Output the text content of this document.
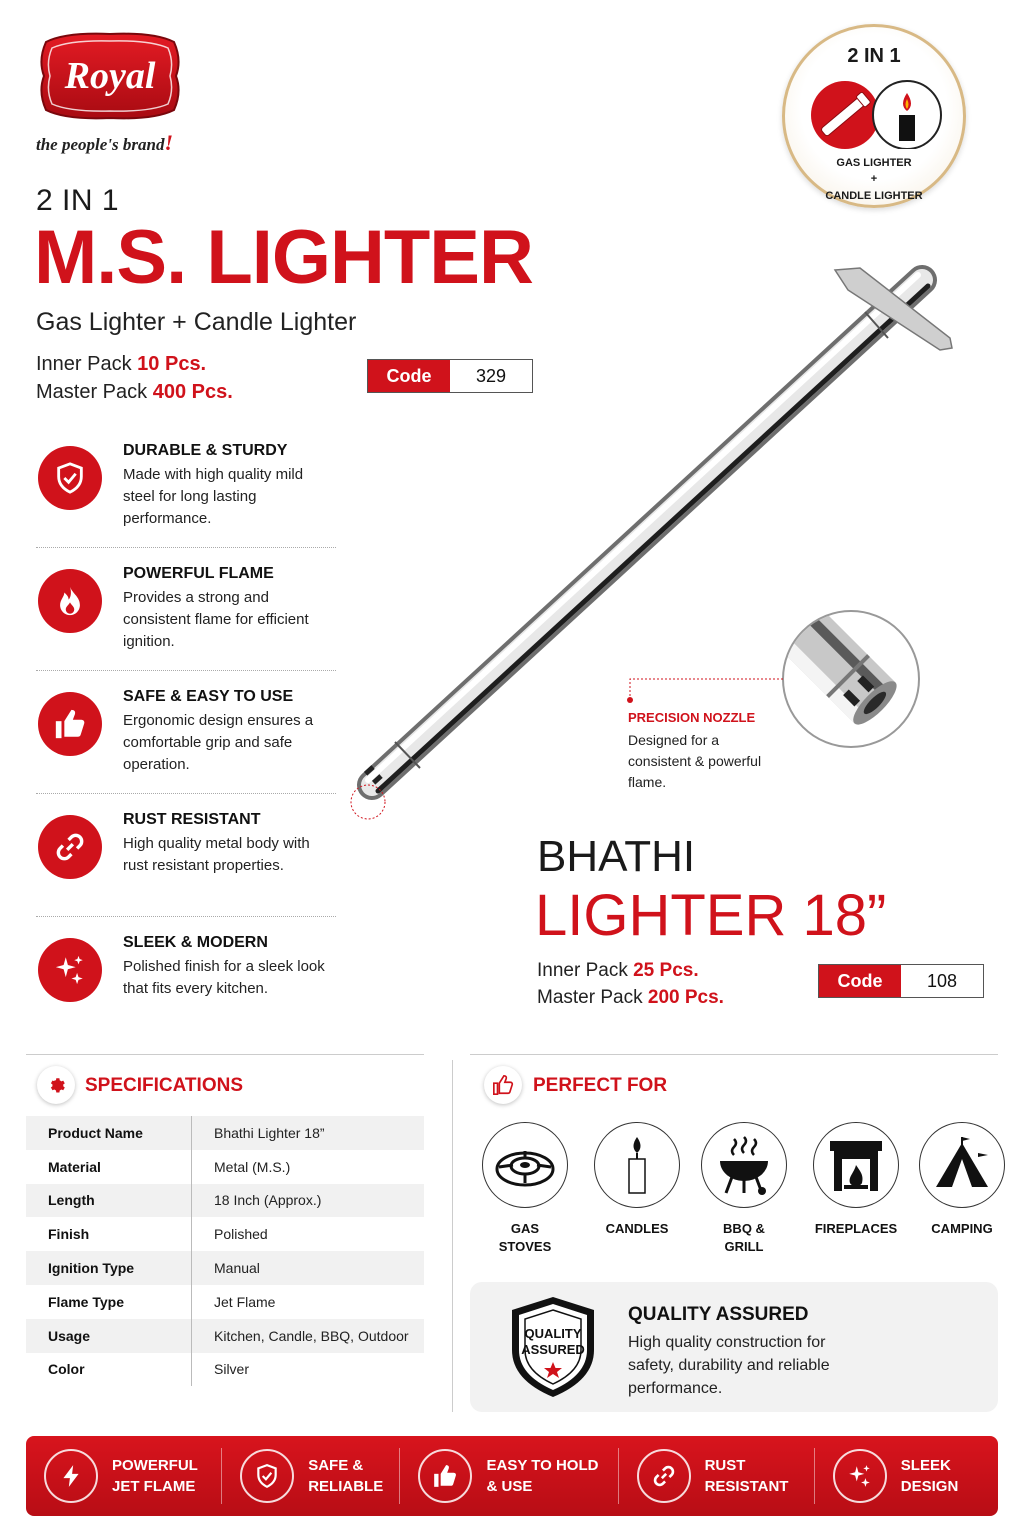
Royal
the people's brand!
2 IN 1
M.S. LIGHTER
Gas Lighter + Candle Lighter
Inner Pack 10 Pcs.
Master Pack 400 Pcs.
Code	329
2 IN 1
GAS LIGHTER
+
CANDLE LIGHTER
PRECISION NOZZLE
Designed for a consistent & powerful flame.
DURABLE & STURDY
Made with high quality mild steel for long lasting performance.
POWERFUL FLAME
Provides a strong and consistent flame for efficient ignition.
SAFE & EASY TO USE
Ergonomic design ensures a comfortable grip and safe operation.
RUST RESISTANT
High quality metal body with rust resistant properties.
SLEEK & MODERN
Polished finish for a sleek look that fits every kitchen.
BHATHI
LIGHTER 18”
Inner Pack 25 Pcs.
Master Pack 200 Pcs.
Code	108
SPECIFICATIONS
Product Name	Bhathi Lighter 18”
Material	Metal (M.S.)
Length	18 Inch (Approx.)
Finish	Polished
Ignition Type	Manual
Flame Type	Jet Flame
Usage	Kitchen, Candle, BBQ, Outdoor
Color	Silver
PERFECT FOR
GAS
STOVES
CANDLES	BBQ &
GRILL
FIREPLACES	CAMPING
QUALITY
ASSURED
QUALITY ASSURED
High quality construction for safety, durability and reliable performance.
POWERFUL
JET FLAME
SAFE &
RELIABLE
EASY TO HOLD
& USE
RUST
RESISTANT
SLEEK
DESIGN
